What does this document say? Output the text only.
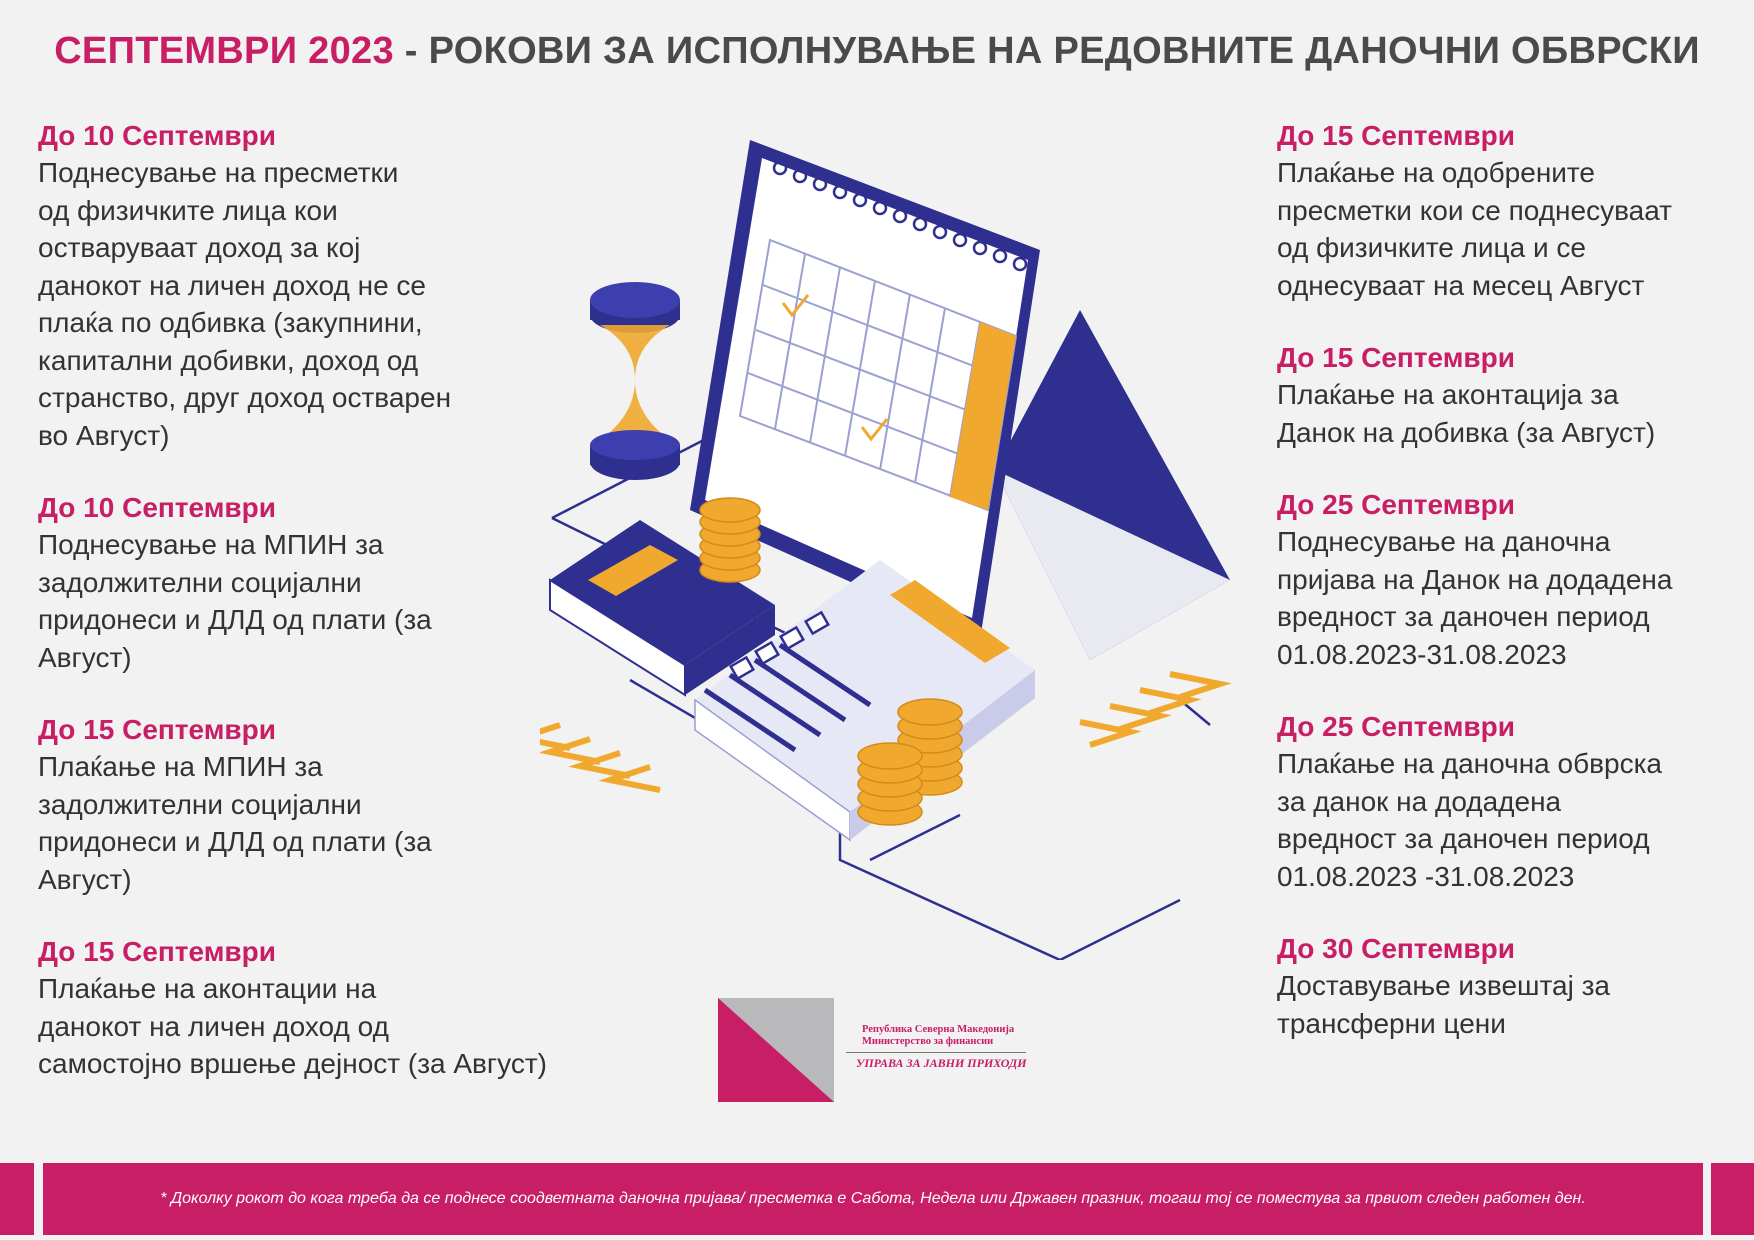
СЕПТЕМВРИ 2023 - РОКОВИ ЗА ИСПОЛНУВАЊЕ НА РЕДОВНИТЕ ДАНОЧНИ ОБВРСКИ
До 10 Септември
Поднесување на пресметки
од физичките лица кои
остваруваат доход за кој
данокот на личен доход не се
плаќа по одбивка (закупнини,
капитални добивки, доход од
странство, друг доход остварен
во Август)
До 10 Септември
Поднесување на МПИН за
задолжителни социјални
придонеси и ДЛД од плати (за
Август)
До 15 Септември
Плаќање на МПИН за
задолжителни социјални
придонеси и ДЛД од плати (за
Август)
До 15 Септември
Плаќање на аконтации на
данокот на личен доход од
самостојно вршење дејност (за Август)
До 15 Септември
Плаќање на одобрените
пресметки кои се поднесуваат
од физичките лица и се
однесуваат на месец Август
До 15 Септември
Плаќање на аконтација за
Данок на добивка (за Август)
До 25 Септември
Поднесување на даночна
пријава на Данок на додадена
вредност за даночен период
01.08.2023-31.08.2023
До 25 Септември
Плаќање на даночна обврска
за данок на додадена
вредност за даночен период
01.08.2023 -31.08.2023
До 30 Септември
Доставување извештај за
трансферни цени
Република Северна Македонија
Министерство за финансии
УПРАВА ЗА ЈАВНИ ПРИХОДИ
* Доколку рокот до кога треба да се поднесе соодветната даночна пријава/ пресметка е Сабота, Недела или Државен празник, тогаш тој се поместува за првиот следен работен ден.
